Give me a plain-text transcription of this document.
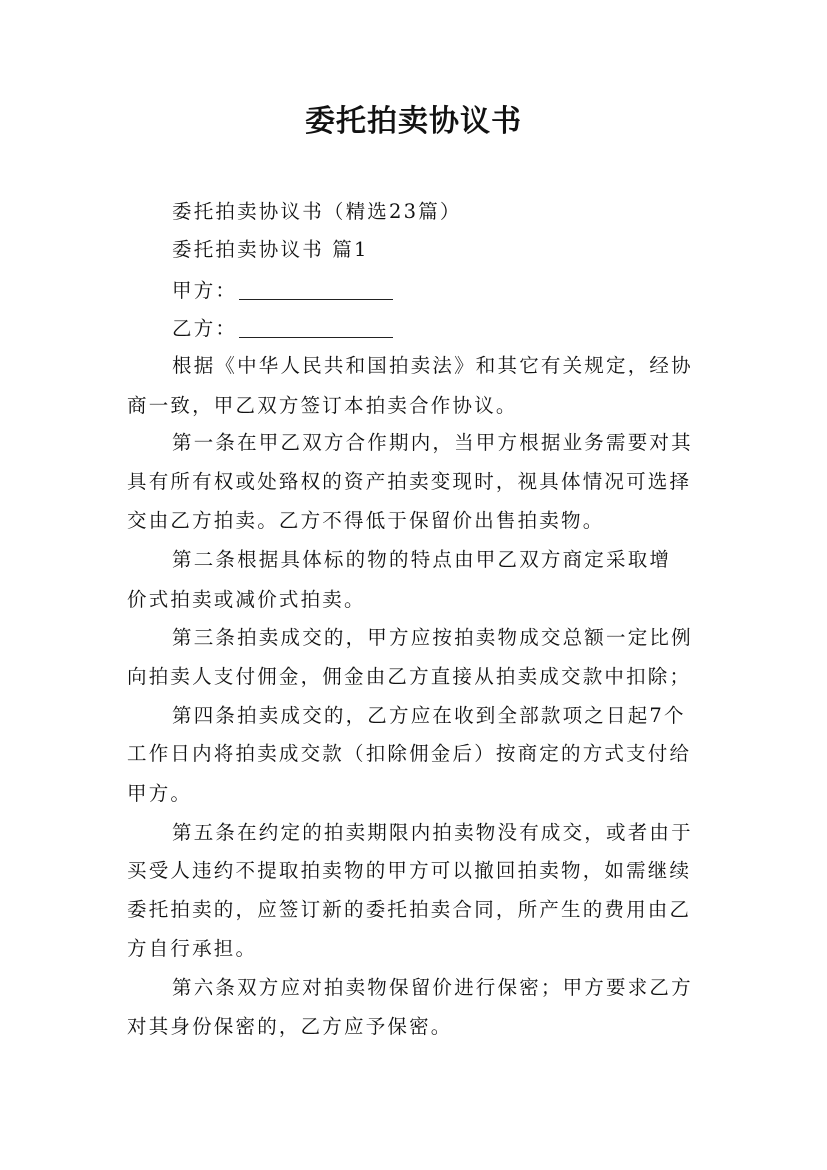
委托拍卖协议书
委托拍卖协议书（精选23篇）
委托拍卖协议书 篇1
甲方：
乙方：
根据《中华人民共和国拍卖法》和其它有关规定，经协
商一致，甲乙双方签订本拍卖合作协议。
第一条在甲乙双方合作期内，当甲方根据业务需要对其
具有所有权或处臵权的资产拍卖变现时，视具体情况可选择
交由乙方拍卖。乙方不得低于保留价出售拍卖物。
第二条根据具体标的物的特点由甲乙双方商定采取增
价式拍卖或减价式拍卖。
第三条拍卖成交的，甲方应按拍卖物成交总额一定比例
向拍卖人支付佣金，佣金由乙方直接从拍卖成交款中扣除；
第四条拍卖成交的，乙方应在收到全部款项之日起7个
工作日内将拍卖成交款（扣除佣金后）按商定的方式支付给
甲方。
第五条在约定的拍卖期限内拍卖物没有成交，或者由于
买受人违约不提取拍卖物的甲方可以撤回拍卖物，如需继续
委托拍卖的，应签订新的委托拍卖合同，所产生的费用由乙
方自行承担。
第六条双方应对拍卖物保留价进行保密；甲方要求乙方
对其身份保密的，乙方应予保密。
